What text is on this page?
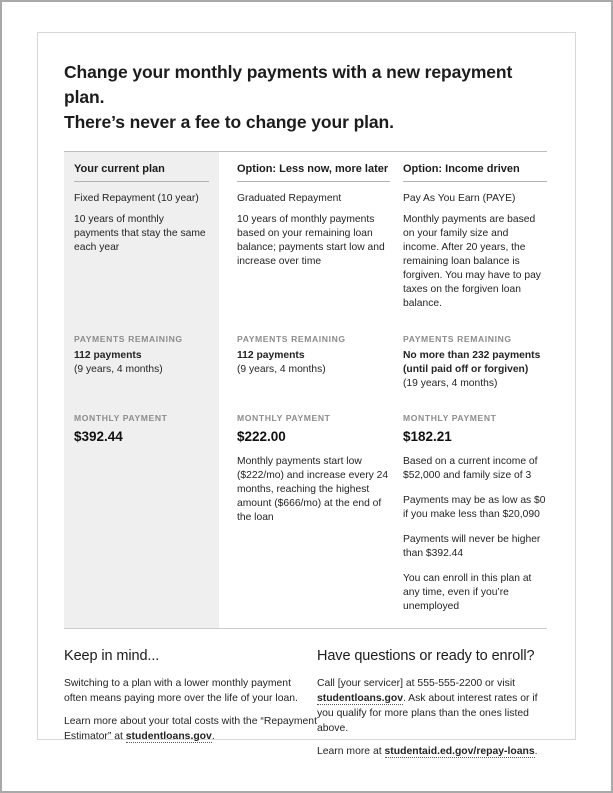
Change your monthly payments with a new repayment plan.
There’s never a fee to change your plan.
Your current plan	Option: Less now, more later Option: Income driven

Fixed Repayment (10 year)

10 years of monthly payments that stay the same each year

Graduated Repayment

10 years of monthly payments based on your remaining loan balance; payments start low and increase over time

Pay As You Earn (PAYE)

Monthly payments are based on your family size and income. After 20 years, the remaining loan balance is forgiven. You may have to pay taxes on the forgiven loan balance.

PAYMENTS REMAINING
112 payments
(9 years, 4 months)
PAYMENTS REMAINING
112 payments
(9 years, 4 months)
PAYMENTS REMAINING
No more than 232 payments
(until paid off or forgiven)
(19 years, 4 months)
MONTHLY PAYMENT
$392.44
MONTHLY PAYMENT
$222.00

Monthly payments start low ($222/mo) and increase every 24 months, reaching the highest amount ($666/mo) at the end of the loan

MONTHLY PAYMENT
$182.21

Based on a current income of $52,000 and family size of 3

Payments may be as low as $0 if you make less than $20,090

Payments will never be higher than $392.44

You can enroll in this plan at any time, even if you’re unemployed

Keep in mind...

Switching to a plan with a lower monthly payment often means paying more over the life of your loan.

Learn more about your total costs with the “Repayment Estimator” at studentloans.gov.

Have questions or ready to enroll?

Call [your servicer] at 555-555-2200 or visit studentloans.gov. Ask about interest rates or if you qualify for more plans than the ones listed above.

Learn more at studentaid.ed.gov/repay-loans.
